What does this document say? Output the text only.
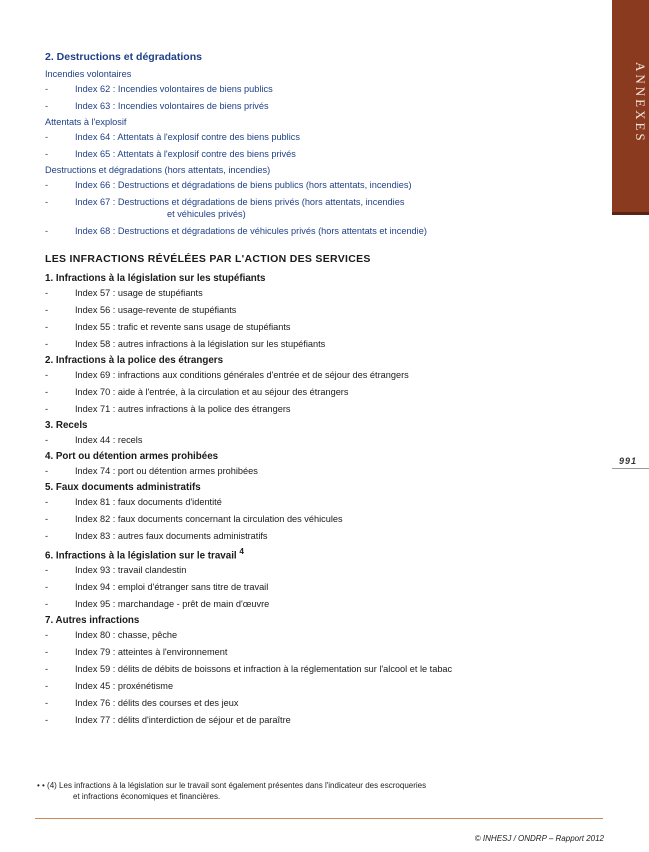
ANNEXES
991
2. Destructions et dégradations
Incendies volontaires
-	Index 62 : Incendies volontaires de biens publics
-	Index 63 : Incendies volontaires de biens privés
Attentats à l'explosif
-	Index 64 : Attentats à l'explosif contre des biens publics
-	Index 65 : Attentats à l'explosif contre des biens privés
Destructions et dégradations (hors attentats, incendies)
-	Index 66 : Destructions et dégradations de biens publics (hors attentats, incendies)
-	Index 67 : Destructions et dégradations de biens privés (hors attentats, incendies
et véhicules privés)
-	Index 68 : Destructions et dégradations de véhicules privés (hors attentats et incendie)
LES INFRACTIONS RÉVÉLÉES PAR L'ACTION DES SERVICES
1. Infractions à la législation sur les stupéfiants
-	Index 57 : usage de stupéfiants
-	Index 56 : usage-revente de stupéfiants
-	Index 55 : trafic et revente sans usage de stupéfiants
-	Index 58 : autres infractions à la législation sur les stupéfiants
2. Infractions à la police des étrangers
-	Index 69 : infractions aux conditions générales d'entrée et de séjour des étrangers
-	Index 70 : aide à l'entrée, à la circulation et au séjour des étrangers
-	Index 71 : autres infractions à la police des étrangers
3. Recels
-	Index 44 : recels
4. Port ou détention armes prohibées
-	Index 74 : port ou détention armes prohibées
5. Faux documents administratifs
-	Index 81 : faux documents d'identité
-	Index 82 : faux documents concernant la circulation des véhicules
-	Index 83 : autres faux documents administratifs
6. Infractions à la législation sur le travail $^4$
-	Index 93 : travail clandestin
-	Index 94 : emploi d'étranger sans titre de travail
-	Index 95 : marchandage - prêt de main d'œuvre
7. Autres infractions
-	Index 80 : chasse, pêche
-	Index 79 : atteintes à l'environnement
-	Index 59 : délits de débits de boissons et infraction à la réglementation sur l'alcool et le tabac
-	Index 45 : proxénétisme
-	Index 76 : délits des courses et des jeux
-	Index 77 : délits d'interdiction de séjour et de paraître
• • (4) Les infractions à la législation sur le travail sont également présentes dans l'indicateur des escroqueries
et infractions économiques et financières.
© INHESJ / ONDRP – Rapport 2012
